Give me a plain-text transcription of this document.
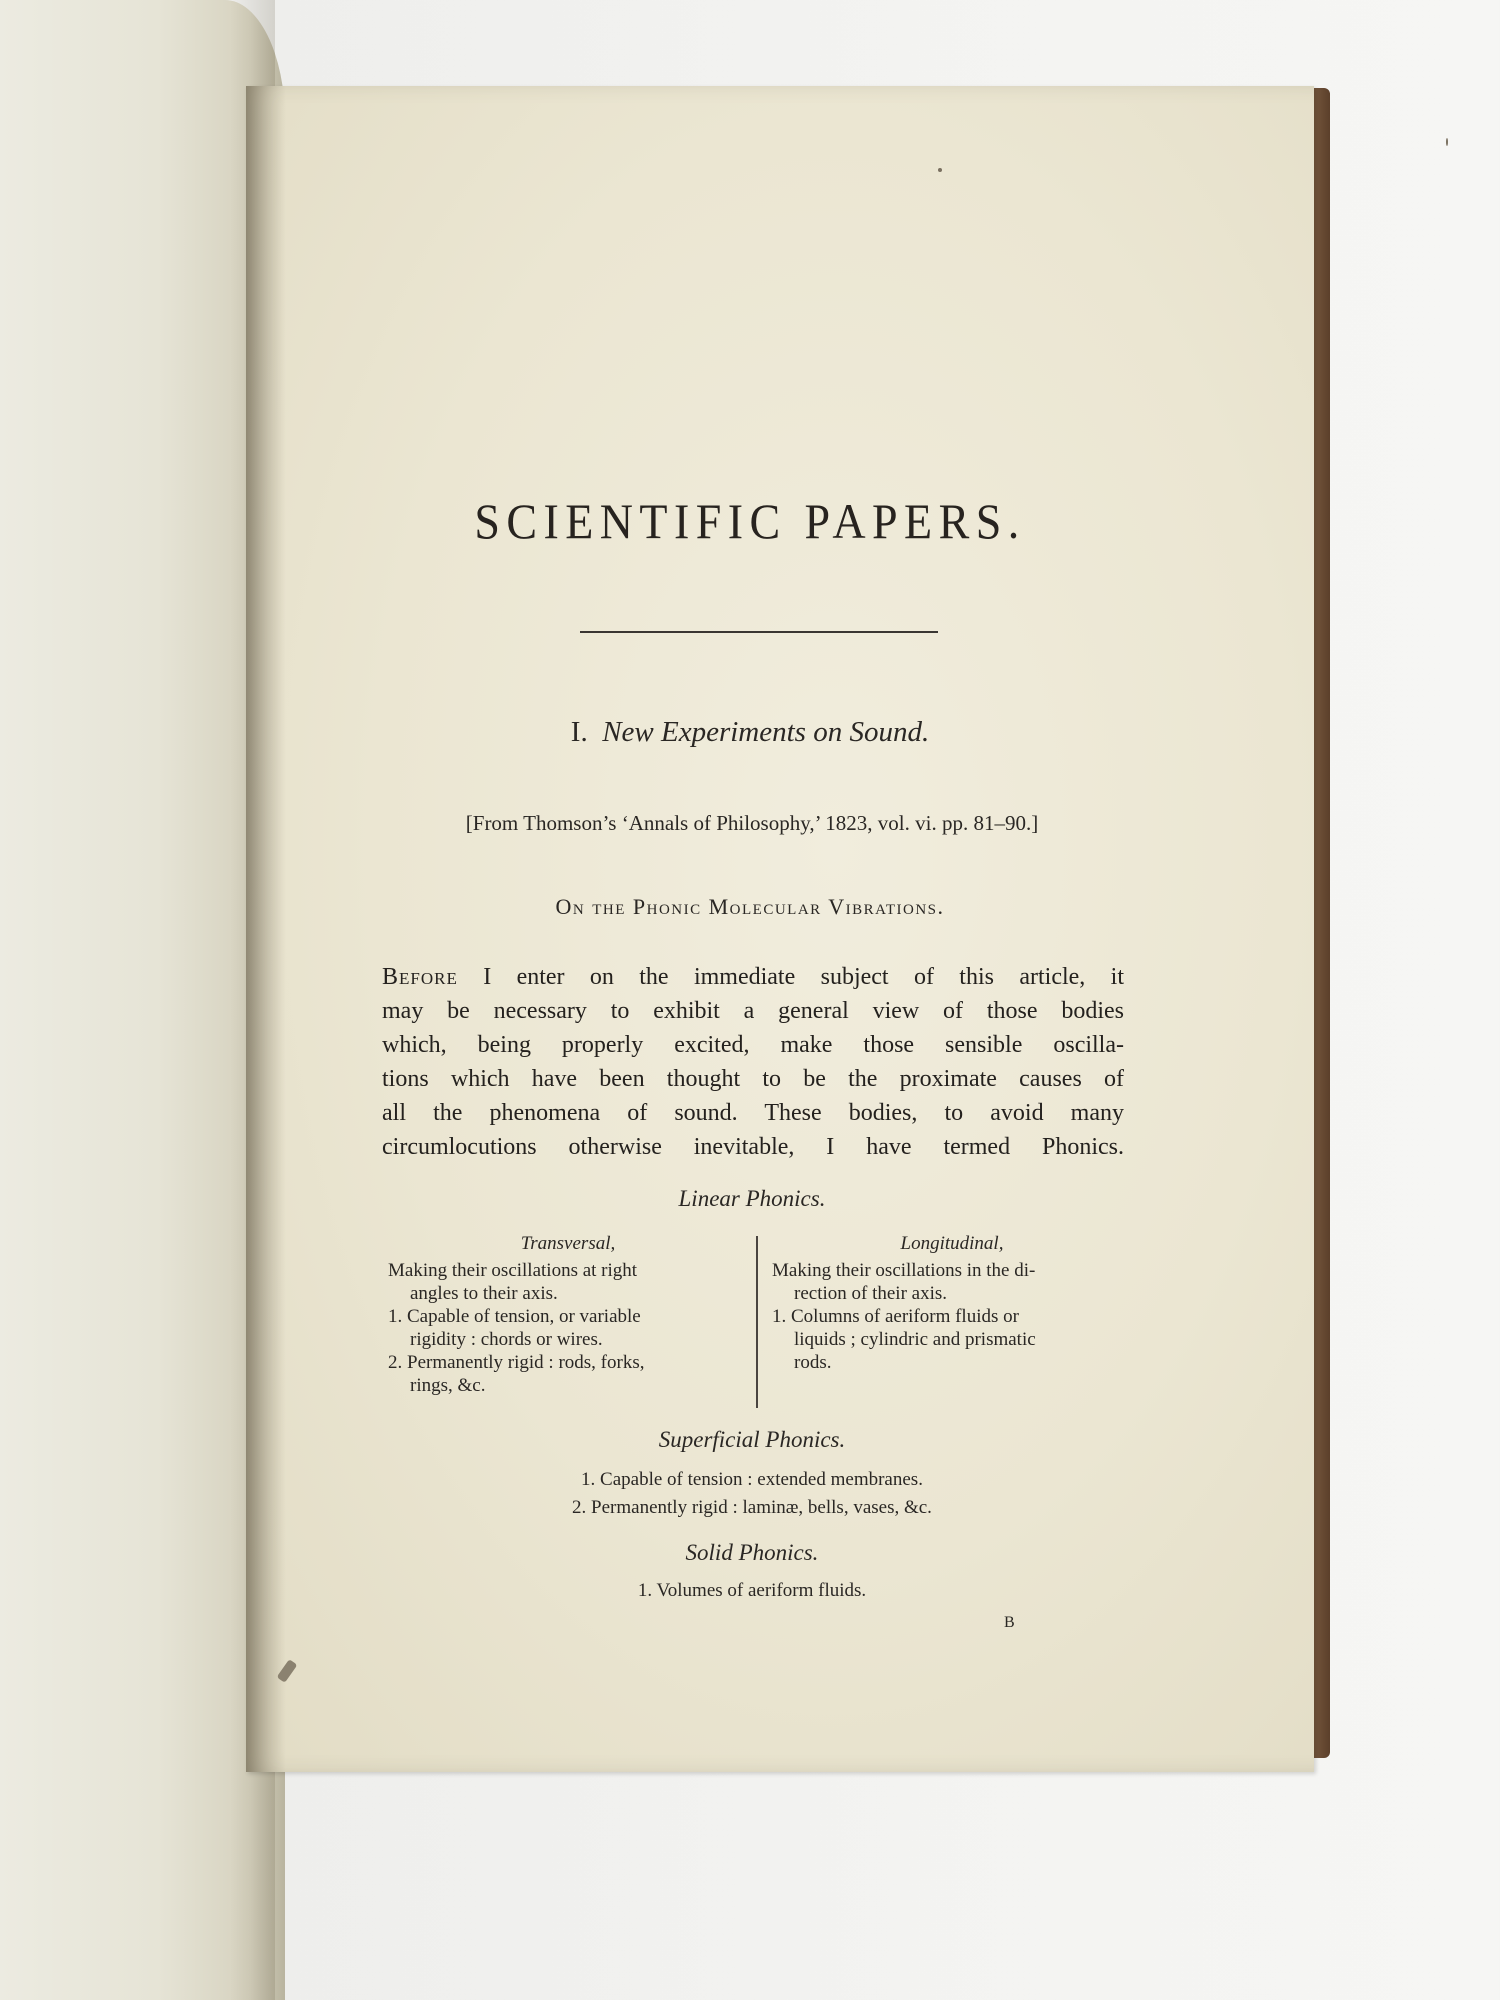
SCIENTIFIC PAPERS.
I. New Experiments on Sound.
[From Thomson’s ‘Annals of Philosophy,’ 1823, vol. vi. pp. 81–90.]
On the Phonic Molecular Vibrations.
Before I enter on the immediate subject of this article, it
may be necessary to exhibit a general view of those bodies
which, being properly excited, make those sensible oscilla-
tions which have been thought to be the proximate causes of
all the phenomena of sound. These bodies, to avoid many
circumlocutions otherwise inevitable, I have termed Phonics.
Linear Phonics.
Transversal,
Making their oscillations at right
angles to their axis.
1. Capable of tension, or variable
rigidity : chords or wires.
2. Permanently rigid : rods, forks,
rings, &c.
Longitudinal,
Making their oscillations in the di-
rection of their axis.
1. Columns of aeriform fluids or
liquids ; cylindric and prismatic
rods.
Superficial Phonics.
1. Capable of tension : extended membranes.
2. Permanently rigid : laminæ, bells, vases, &c.
Solid Phonics.
1. Volumes of aeriform fluids.
B
